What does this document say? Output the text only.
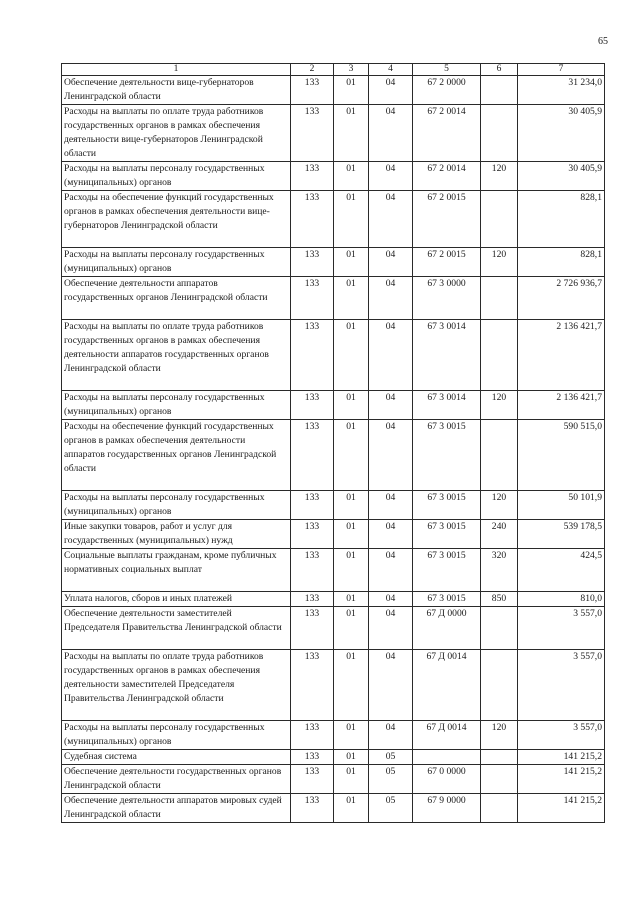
65
1	2	3	4	5	6	7
Обеспечение деятельности вице-губернаторов Ленинградской области	133	01	04	67 2 0000		31 234,0
Расходы на выплаты по оплате труда работников государственных органов в рамках обеспечения деятельности вице-губернаторов Ленинградской области	133	01	04	67 2 0014		30 405,9
Расходы на выплаты персоналу государственных (муниципальных) органов	133	01	04	67 2 0014	120	30 405,9
Расходы на обеспечение функций государственных органов в рамках обеспечения деятельности вице-губернаторов Ленинградской области	133	01	04	67 2 0015		828,1
Расходы на выплаты персоналу государственных (муниципальных) органов	133	01	04	67 2 0015	120	828,1
Обеспечение деятельности аппаратов государственных органов Ленинградской области	133	01	04	67 3 0000		2 726 936,7
Расходы на выплаты по оплате труда работников государственных органов в рамках обеспечения деятельности аппаратов государственных органов Ленинградской области	133	01	04	67 3 0014		2 136 421,7
Расходы на выплаты персоналу государственных (муниципальных) органов	133	01	04	67 3 0014	120	2 136 421,7
Расходы на обеспечение функций государственных органов в рамках обеспечения деятельности аппаратов государственных органов Ленинградской области	133	01	04	67 3 0015		590 515,0
Расходы на выплаты персоналу государственных (муниципальных) органов	133	01	04	67 3 0015	120	50 101,9
Иные закупки товаров, работ и услуг для государственных (муниципальных) нужд	133	01	04	67 3 0015	240	539 178,5
Социальные выплаты гражданам, кроме публичных нормативных социальных выплат	133	01	04	67 3 0015	320	424,5
Уплата налогов, сборов и иных платежей	133	01	04	67 3 0015	850	810,0
Обеспечение деятельности заместителей Председателя Правительства Ленинградской области	133	01	04	67 Д 0000		3 557,0
Расходы на выплаты по оплате труда работников государственных органов в рамках обеспечения деятельности заместителей Председателя Правительства Ленинградской области	133	01	04	67 Д 0014		3 557,0
Расходы на выплаты персоналу государственных (муниципальных) органов	133	01	04	67 Д 0014	120	3 557,0
Судебная система	133	01	05			141 215,2
Обеспечение деятельности государственных органов Ленинградской области	133	01	05	67 0 0000		141 215,2
Обеспечение деятельности аппаратов мировых судей Ленинградской области	133	01	05	67 9 0000		141 215,2
